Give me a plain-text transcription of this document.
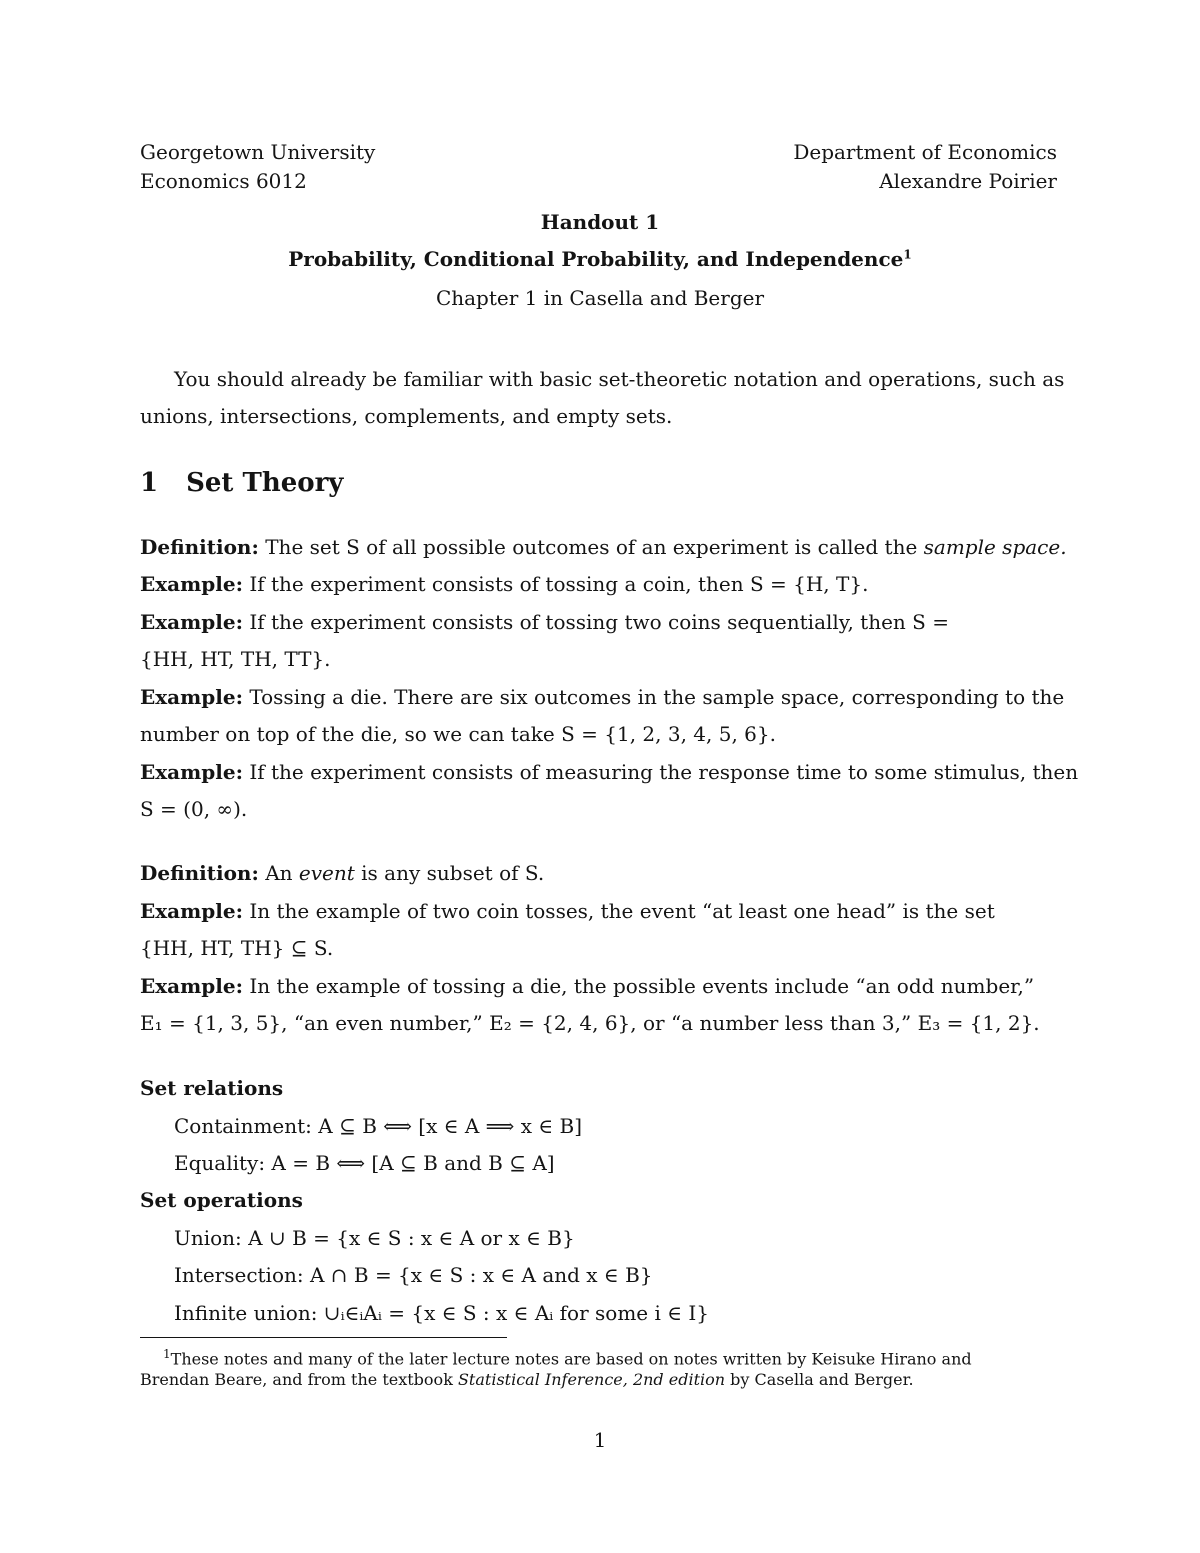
Georgetown University
Economics 6012
Department of Economics
Alexandre Poirier
Handout 1
Probability, Conditional Probability, and Independence$^1$
Chapter 1 in Casella and Berger
You should already be familiar with basic set-theoretic notation and operations, such as
unions, intersections, complements, and empty sets.
1 Set Theory
Definition: The set S of all possible outcomes of an experiment is called the sample space.
Example: If the experiment consists of tossing a coin, then S = {H, T}.
Example: If the experiment consists of tossing two coins sequentially, then S =
{HH, HT, TH, TT}.
Example: Tossing a die. There are six outcomes in the sample space, corresponding to the
number on top of the die, so we can take S = {1, 2, 3, 4, 5, 6}.
Example: If the experiment consists of measuring the response time to some stimulus, then
S = (0, ∞).
Definition: An event is any subset of S.
Example: In the example of two coin tosses, the event “at least one head” is the set
{HH, HT, TH} ⊆ S.
Example: In the example of tossing a die, the possible events include “an odd number,”
E₁ = {1, 3, 5}, “an even number,” E₂ = {2, 4, 6}, or “a number less than 3,” E₃ = {1, 2}.
Set relations
Containment: A ⊆ B ⟺ [x ∈ A ⟹ x ∈ B]
Equality: A = B ⟺ [A ⊆ B and B ⊆ A]
Set operations
Union: A ∪ B = {x ∈ S : x ∈ A or x ∈ B}
Intersection: A ∩ B = {x ∈ S : x ∈ A and x ∈ B}
Infinite union: ∪ᵢ∈ᵢAᵢ = {x ∈ S : x ∈ Aᵢ for some i ∈ I}
$^1$These notes and many of the later lecture notes are based on notes written by Keisuke Hirano and
Brendan Beare, and from the textbook Statistical Inference, 2nd edition by Casella and Berger.
1
